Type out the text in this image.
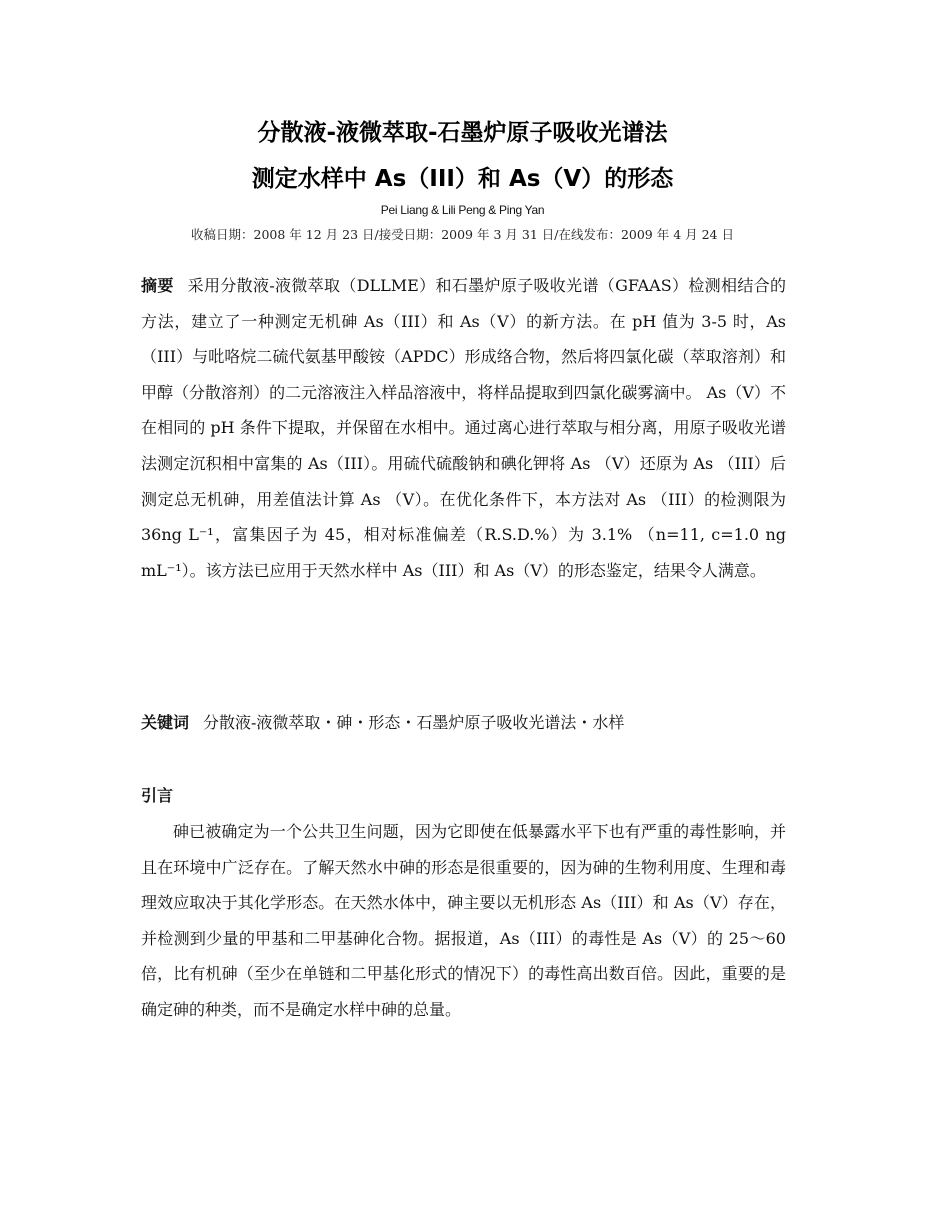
分散液-液微萃取-石墨炉原子吸收光谱法
测定水样中 As（III）和 As（V）的形态
Pei Liang & Lili Peng & Ping Yan
收稿日期：2008 年 12 月 23 日/接受日期：2009 年 3 月 31 日/在线发布：2009 年 4 月 24 日
摘要 采用分散液-液微萃取（DLLME）和石墨炉原子吸收光谱（GFAAS）检测相结合的方法，建立了一种测定无机砷 As（III）和 As（V）的新方法。在 pH 值为 3-5 时，As（III）与吡咯烷二硫代氨基甲酸铵（APDC）形成络合物，然后将四氯化碳（萃取溶剂）和甲醇（分散溶剂）的二元溶液注入样品溶液中，将样品提取到四氯化碳雾滴中。 As（V）不在相同的 pH 条件下提取，并保留在水相中。通过离心进行萃取与相分离，用原子吸收光谱法测定沉积相中富集的 As（III）。用硫代硫酸钠和碘化钾将 As （V）还原为 As （III）后测定总无机砷，用差值法计算 As （V）。在优化条件下，本方法对 As （III）的检测限为 36ng L⁻¹，富集因子为 45，相对标准偏差（R.S.D.%）为 3.1% （n=11, c=1.0 ng mL⁻¹）。该方法已应用于天然水样中 As（III）和 As（V）的形态鉴定，结果令人满意。
关键词 分散液-液微萃取・砷・形态・石墨炉原子吸收光谱法・水样
引言
砷已被确定为一个公共卫生问题，因为它即使在低暴露水平下也有严重的毒性影响，并且在环境中广泛存在。了解天然水中砷的形态是很重要的，因为砷的生物利用度、生理和毒理效应取决于其化学形态。在天然水体中，砷主要以无机形态 As（III）和 As（V）存在，并检测到少量的甲基和二甲基砷化合物。据报道，As（III）的毒性是 As（V）的 25～60 倍，比有机砷（至少在单链和二甲基化形式的情况下）的毒性高出数百倍。因此，重要的是确定砷的种类，而不是确定水样中砷的总量。
